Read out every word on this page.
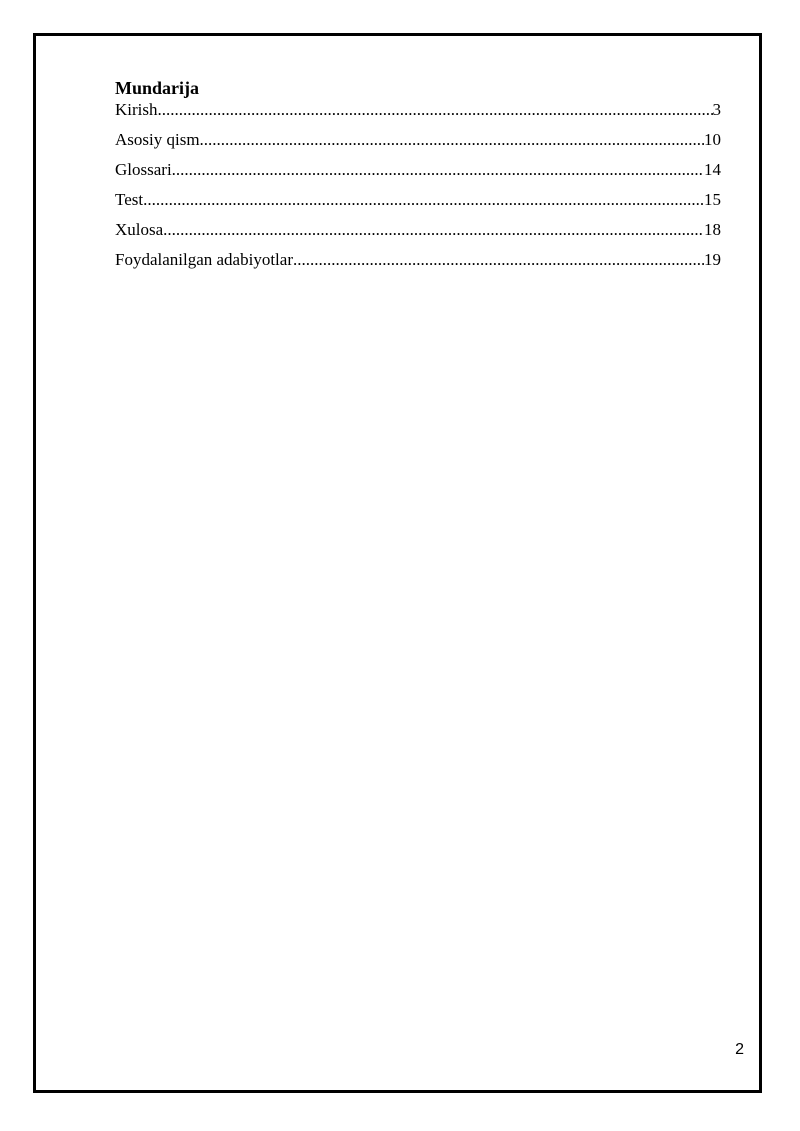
Mundarija

Kirish .....	3
Asosiy qism .....	10
Glossari .....	14
Test .....	15
Xulosa .....	18
Foydalanilgan adabiyotlar .....	19
2
